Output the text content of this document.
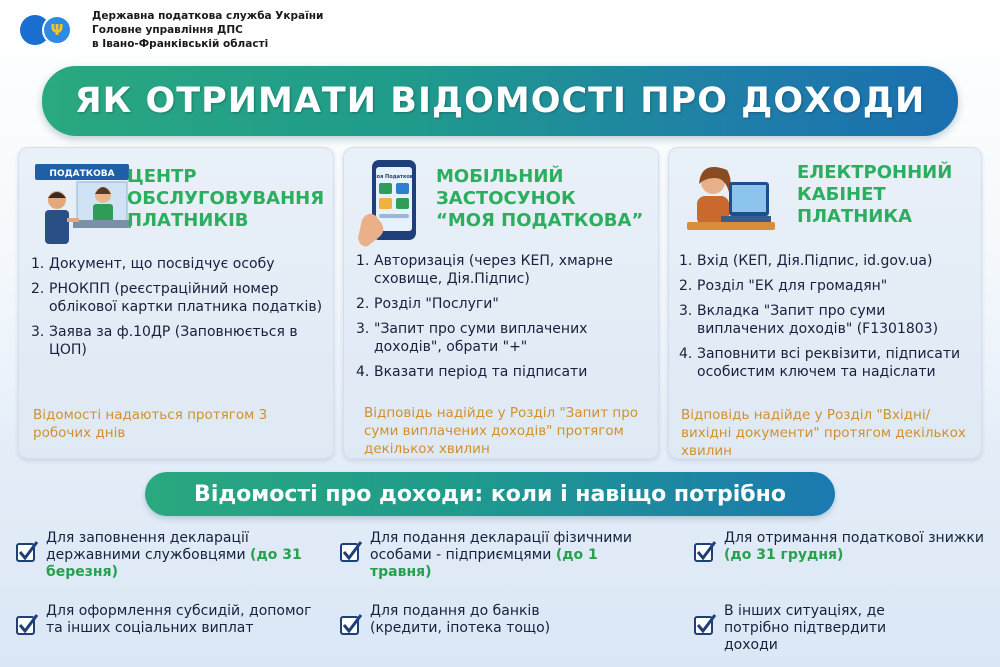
Ψ
Державна податкова служба України
Головне управління ДПС
в Івано-Франківській області
ЯК ОТРИМАТИ ВІДОМОСТІ ПРО ДОХОДИ
ПОДАТКОВА ЦЕНТР
ОБСЛУГОВУВАННЯ
ПЛАТНИКІВ
1. Документ, що посвідчує особу
2. РНОКПП (реєстраційний номер облікової картки платника податків)
3. Заява за ф.10ДР (Заповнюється в ЦОП)
Відомості надаються протягом 3 робочих днів
Моя Податкова МОБІЛЬНИЙ
ЗАСТОСУНОК
“МОЯ ПОДАТКОВА”
1. Авторизація (через КЕП, хмарне сховище, Дія.Підпис)
2. Розділ "Послуги"
3. "Запит про суми виплачених доходів", обрати "+"
4. Вказати період та підписати
Відповідь надійде у Розділ "Запит про суми виплачених доходів" протягом декількох хвилин
ЕЛЕКТРОННИЙ
КАБІНЕТ
ПЛАТНИКА
1. Вхід (КЕП, Дія.Підпис, id.gov.ua)
2. Розділ "ЕК для громадян"
3. Вкладка "Запит про суми виплачених доходів" (F1301803)
4. Заповнити всі реквізити, підписати особистим ключем та надіслати
Відповідь надійде у Розділ "Вхідні/ вихідні документи" протягом декількох хвилин
Відомості про доходи: коли і навіщо потрібно
Для заповнення декларації державними службовцями (до 31 березня)
Для подання декларації фізичними особами - підприємцями (до 1 травня)
Для отримання податкової знижки (до 31 грудня)
Для оформлення субсидій, допомог та інших соціальних виплат
Для подання до банків (кредити, іпотека тощо)
В інших ситуаціях, де потрібно підтвердити доходи
